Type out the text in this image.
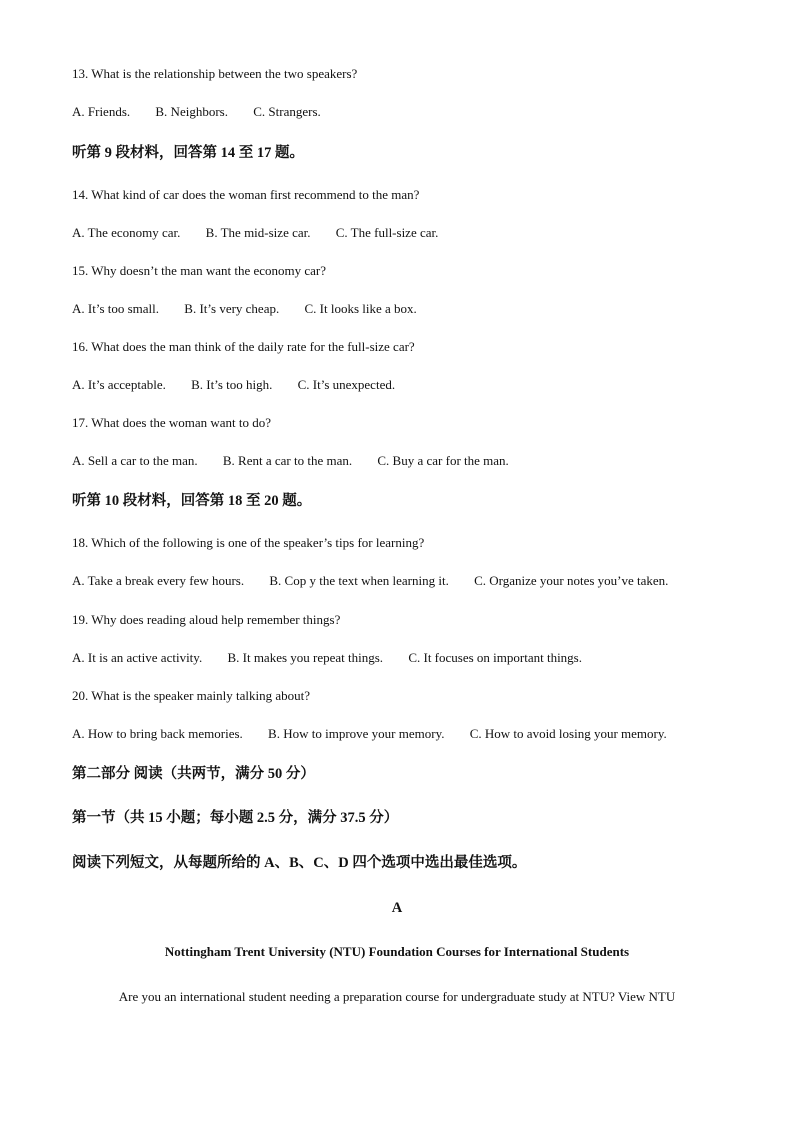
13. What is the relationship between the two speakers?
A. Friends. B. Neighbors. C. Strangers.
听第 9 段材料，回答第 14 至 17 题。
14. What kind of car does the woman first recommend to the man?
A. The economy car. B. The mid-size car. C. The full-size car.
15. Why doesn’t the man want the economy car?
A. It’s too small. B. It’s very cheap. C. It looks like a box.
16. What does the man think of the daily rate for the full-size car?
A. It’s acceptable. B. It’s too high. C. It’s unexpected.
17. What does the woman want to do?
A. Sell a car to the man. B. Rent a car to the man. C. Buy a car for the man.
听第 10 段材料，回答第 18 至 20 题。
18. Which of the following is one of the speaker’s tips for learning?
A. Take a break every few hours. B. Cop y the text when learning it. C. Organize your notes you’ve taken.
19. Why does reading aloud help remember things?
A. It is an active activity. B. It makes you repeat things. C. It focuses on important things.
20. What is the speaker mainly talking about?
A. How to bring back memories. B. How to improve your memory. C. How to avoid losing your memory.
第二部分 阅读（共两节，满分 50 分）
第一节（共 15 小题；每小题 2.5 分，满分 37.5 分）
阅读下列短文，从每题所给的 A、B、C、D 四个选项中选出最佳选项。
A
Nottingham Trent University (NTU) Foundation Courses for International Students
Are you an international student needing a preparation course for undergraduate study at NTU? View NTU
